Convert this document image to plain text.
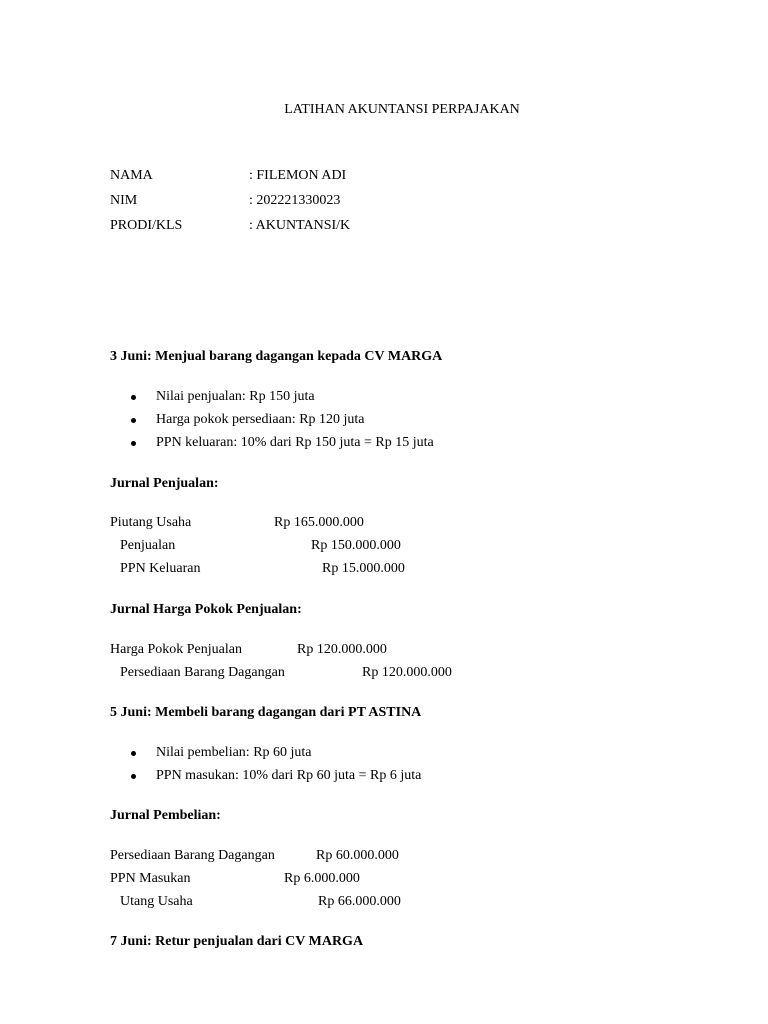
LATIHAN AKUNTANSI PERPAJAKAN
NAMA	: FILEMON ADI
NIM	: 202221330023
PRODI/KLS	: AKUNTANSI/K
3 Juni: Menjual barang dagangan kepada CV MARGA
Nilai penjualan: Rp 150 juta
Harga pokok persediaan: Rp 120 juta
PPN keluaran: 10% dari Rp 150 juta = Rp 15 juta
Jurnal Penjualan:
Piutang Usaha	Rp 165.000.000
Penjualan	Rp 150.000.000
PPN Keluaran	Rp 15.000.000
Jurnal Harga Pokok Penjualan:
Harga Pokok Penjualan	Rp 120.000.000
Persediaan Barang Dagangan	Rp 120.000.000
5 Juni: Membeli barang dagangan dari PT ASTINA
Nilai pembelian: Rp 60 juta
PPN masukan: 10% dari Rp 60 juta = Rp 6 juta
Jurnal Pembelian:
Persediaan Barang Dagangan	Rp 60.000.000
PPN Masukan	Rp 6.000.000
Utang Usaha	Rp 66.000.000
7 Juni: Retur penjualan dari CV MARGA
